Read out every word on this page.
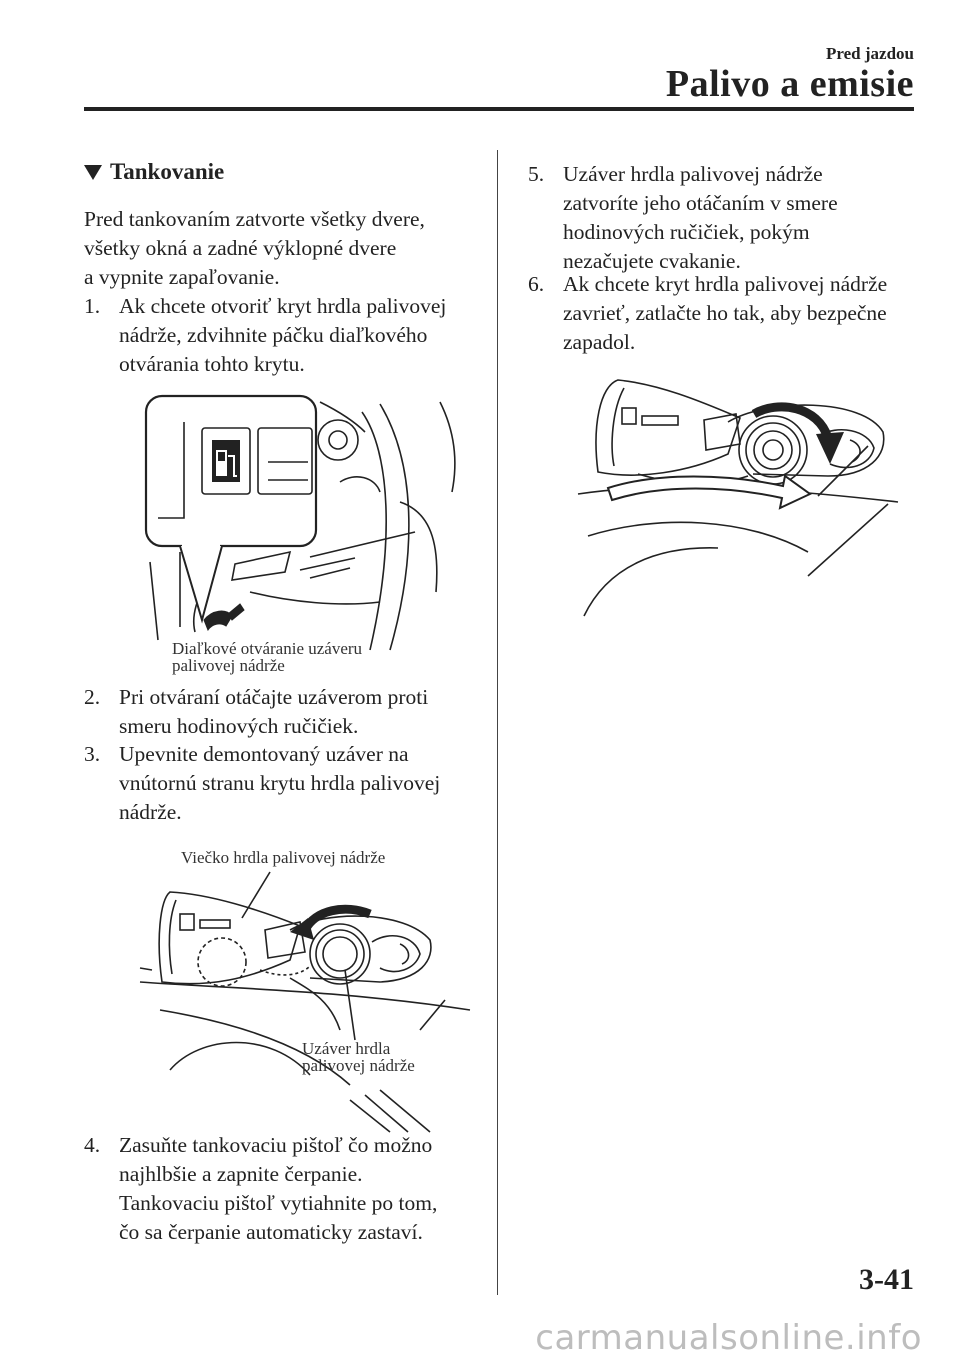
Pred jazdou
Palivo a emisie
Tankovanie
Pred tankovaním zatvorte všetky dvere,
všetky okná a zadné výklopné dvere
a vypnite zapaľovanie.
1. Ak chcete otvoriť kryt hrdla palivovej
nádrže, zdvihnite páčku diaľkového
otvárania tohto krytu.
Diaľkové otváranie uzáveru
palivovej nádrže
2. Pri otváraní otáčajte uzáverom proti
smeru hodinových ručičiek.
3. Upevnite demontovaný uzáver na
vnútornú stranu krytu hrdla palivovej
nádrže.
Viečko hrdla palivovej nádrže
Uzáver hrdla
palivovej nádrže
4. Zasuňte tankovaciu pištoľ čo možno
najhlbšie a zapnite čerpanie.
Tankovaciu pištoľ vytiahnite po tom,
čo sa čerpanie automaticky zastaví.
5. Uzáver hrdla palivovej nádrže
zatvoríte jeho otáčaním v smere
hodinových ručičiek, pokým
nezačujete cvakanie.
6. Ak chcete kryt hrdla palivovej nádrže
zavrieť, zatlačte ho tak, aby bezpečne
zapadol.
3-41
carmanualsonline.info
